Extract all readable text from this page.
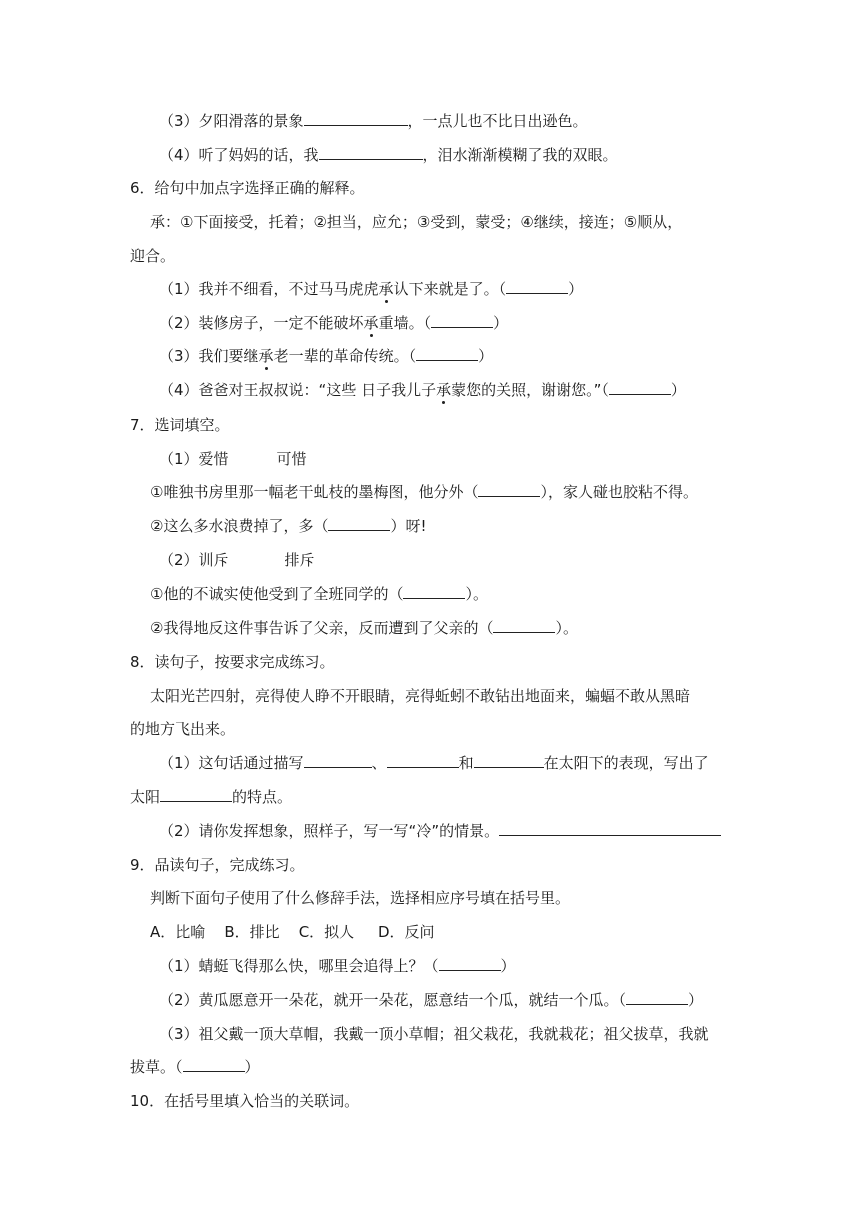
（3）夕阳滑落的景象	，一点儿也不比日出逊色。
（4）听了妈妈的话，我	，泪水渐渐模糊了我的双眼。
6．给句中加点字选择正确的解释。
承：①下面接受，托着；②担当，应允；③受到，蒙受；④继续，接连；⑤顺从，
迎合。
（1）我并不细看，不过马马虎虎承认下来就是了。（	）
（2）装修房子，一定不能破坏承重墙。（	）
（3）我们要继承老一辈的革命传统。（	）
（4）爸爸对王叔叔说：“这些 日子我儿子承蒙您的关照，谢谢您。”（	）
7．选词填空。
（1）爱惜	可惜
①唯独书房里那一幅老干虬枝的墨梅图，他分外（	），家人碰也胶粘不得。
②这么多水浪费掉了，多（	）呀!
（2）训斥	排斥
①他的不诚实使他受到了全班同学的（	）。
②我得地反这件事告诉了父亲，反而遭到了父亲的（	）。
8．读句子，按要求完成练习。
太阳光芒四射，亮得使人睁不开眼睛，亮得蚯蚓不敢钻出地面来，蝙蝠不敢从黑暗
的地方飞出来。
（1）这句话通过描写	、	和	在太阳下的表现，写出了
太阳	的特点。
（2）请你发挥想象，照样子，写一写“冷”的情景。
9．品读句子，完成练习。
判断下面句子使用了什么修辞手法，选择相应序号填在括号里。
A．比喻    B．排比    C．拟人     D．反问
（1）蜻蜓飞得那么快，哪里会追得上？（	）
（2）黄瓜愿意开一朵花，就开一朵花，愿意结一个瓜，就结一个瓜。（	）
（3）祖父戴一顶大草帽，我戴一顶小草帽；祖父栽花，我就栽花；祖父拔草，我就
拔草。（	）
10．在括号里填入恰当的关联词。
